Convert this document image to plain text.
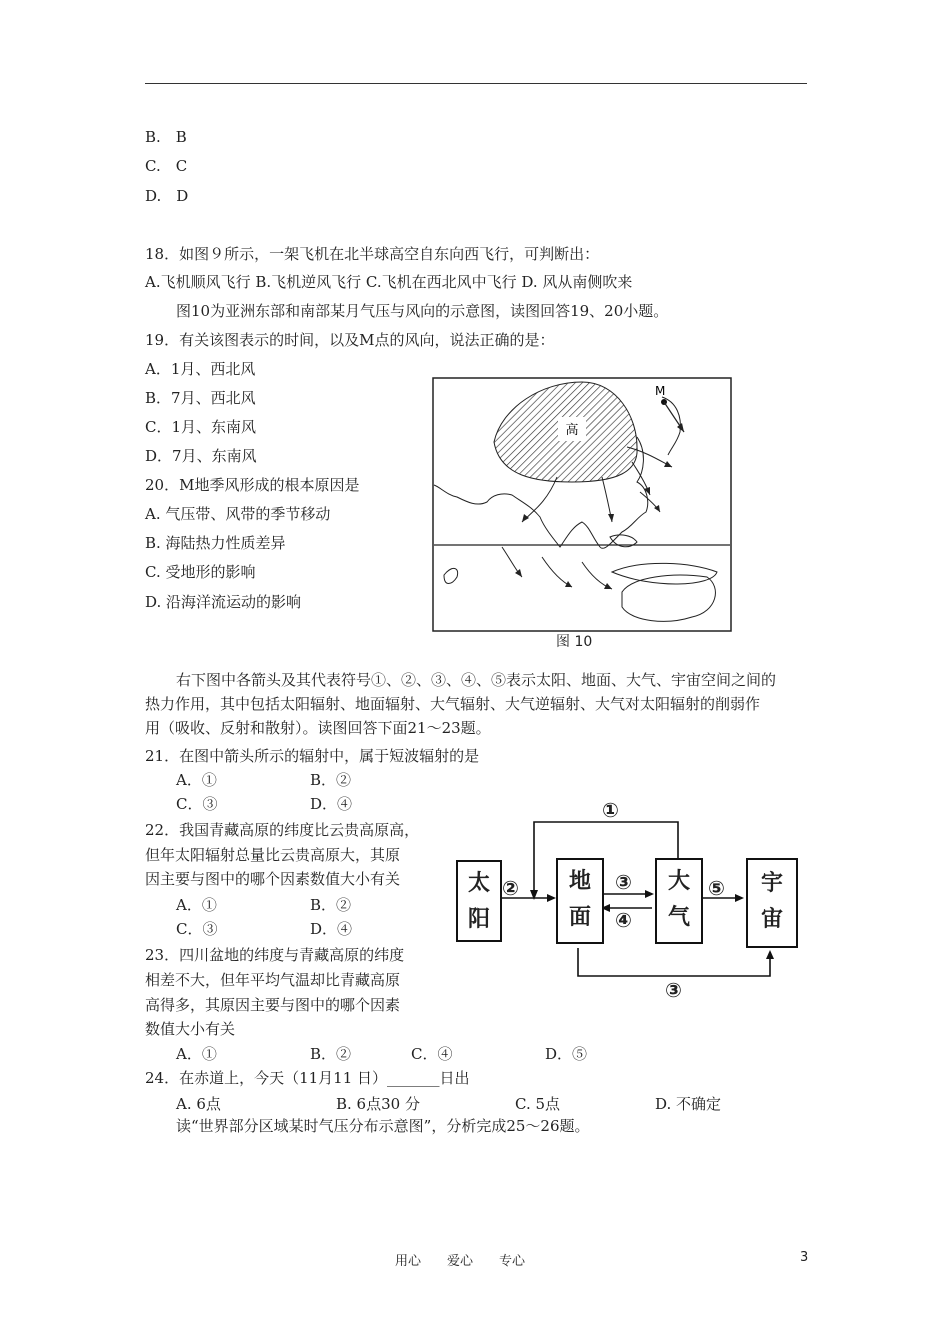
B.　B
C.　C
D.　D
18．如图９所示，一架飞机在北半球高空自东向西飞行，可判断出：
A.飞机顺风飞行 B.飞机逆风飞行 C.飞机在西北风中飞行 D. 风从南侧吹来
图10为亚洲东部和南部某月气压与风向的示意图，读图回答19、20小题。
19．有关该图表示的时间，以及M点的风向，说法正确的是：
A．1月、西北风
B．7月、西北风
C．1月、东南风
D．7月、东南风
20．M地季风形成的根本原因是
A. 气压带、风带的季节移动
B. 海陆热力性质差异
C. 受地形的影响
D. 沿海洋流运动的影响
右下图中各箭头及其代表符号①、②、③、④、⑤表示太阳、地面、大气、宇宙空间之间的
热力作用，其中包括太阳辐射、地面辐射、大气辐射、大气逆辐射、大气对太阳辐射的削弱作
用（吸收、反射和散射）。读图回答下面21～23题。
21．在图中箭头所示的辐射中，属于短波辐射的是
A．①	B．②
C．③	D．④
22．我国青藏高原的纬度比云贵高原高，
但年太阳辐射总量比云贵高原大，其原
因主要与图中的哪个因素数值大小有关
A．①	B．②
C．③	D．④
23．四川盆地的纬度与青藏高原的纬度
相差不大，但年平均气温却比青藏高原
高得多，其原因主要与图中的哪个因素
数值大小有关
A．①	B．②	C．④	D．⑤
24．在赤道上，今天（11月11 日）_______日出
A. 6点	B. 6点30 分	C. 5点	D. 不确定
读“世界部分区域某时气压分布示意图”，分析完成25～26题。
高
M
图 10
太阳
地面
大气
宇宙
①
②	③
④
⑤
③
用心　　爱心　　专心	3
